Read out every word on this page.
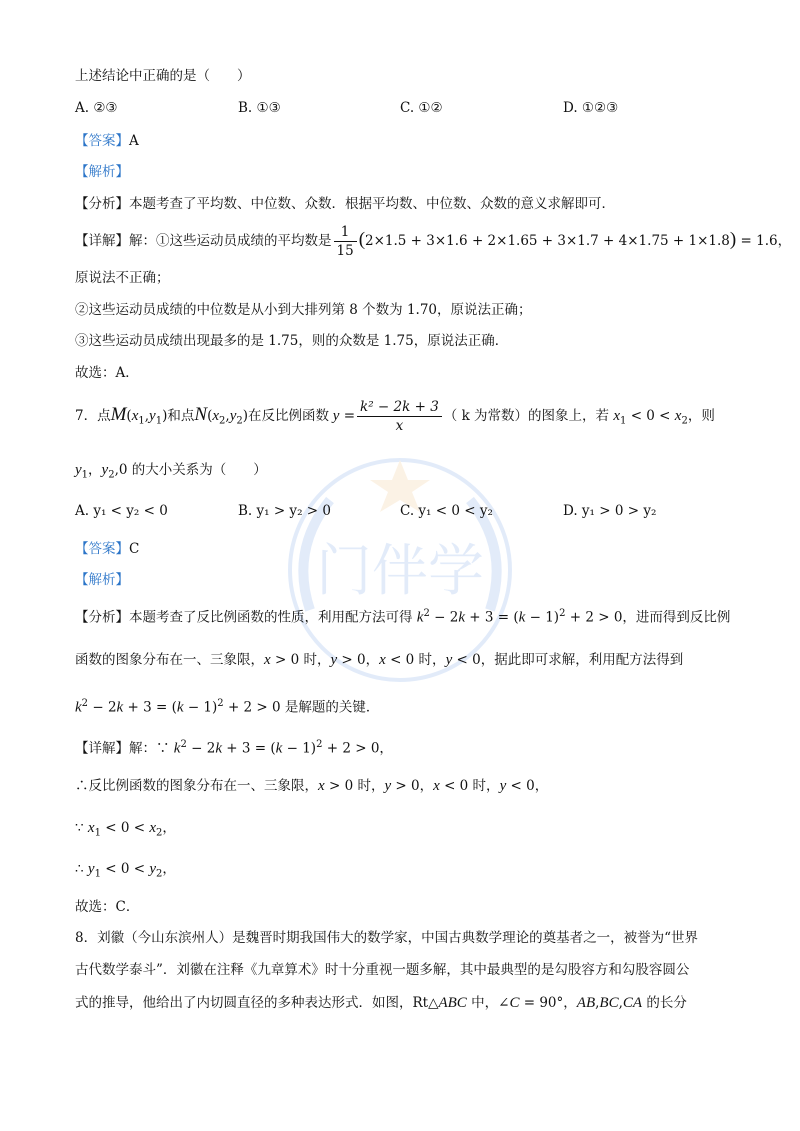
门伴学
上述结论中正确的是（　　）
A. ②③	B. ①③	C. ①②	D. ①②③
【答案】A
【解析】
【分析】本题考查了平均数、中位数、众数．根据平均数、中位数、众数的意义求解即可．
【详解】解：①这些运动员成绩的平均数是 $\frac{1}{15} (2\times 1.5 + 3\times 1.6 + 2\times 1.65 + 3\times 1.7 + 4\times 1.75 + 1\times 1.8) = 1.6$，
原说法不正确；
②这些运动员成绩的中位数是从小到大排列第 8 个数为 1.70，原说法正确；
③这些运动员成绩出现最多的是 1.75，则的众数是 1.75，原说法正确．
故选：A．
7．点$M(x_1,y_1)$和点$N(x_2,y_2)$在反比例函数 $y = \frac{\text{k² − 2k + 3}}{x}$ （ k 为常数）的图象上，若 $x_1 < 0 < x_2$，则
$y_1$，$y_2,0$ 的大小关系为（　　）
A. y₁ < y₂ < 0	B. y₁ > y₂ > 0	C. y₁ < 0 < y₂	D. y₁ > 0 > y₂
【答案】C
【解析】
【分析】本题考查了反比例函数的性质，利用配方法可得 $k^2 - 2k + 3 = (k - 1)^2 + 2 > 0$，进而得到反比例
函数的图象分布在一、三象限，x > 0 时，y > 0，x < 0 时，y < 0，据此即可求解，利用配方法得到
$k^2 - 2k + 3 = (k - 1)^2 + 2 > 0$ 是解题的关键．
【详解】解：∵ $k^2 - 2k + 3 = (k - 1)^2 + 2 > 0$，
∴反比例函数的图象分布在一、三象限，x > 0 时，y > 0，x < 0 时，y < 0，
∵ $x_1 < 0 < x_2$，
∴ $y_1 < 0 < y_2$，
故选：C．
8．刘徽（今山东滨州人）是魏晋时期我国伟大的数学家，中国古典数学理论的奠基者之一，被誉为“世界
古代数学泰斗”．刘徽在注释《九章算术》时十分重视一题多解，其中最典型的是勾股容方和勾股容圆公
式的推导，他给出了内切圆直径的多种表达形式．如图，Rt△ABC 中，∠C = 90°，AB,BC,CA 的长分
